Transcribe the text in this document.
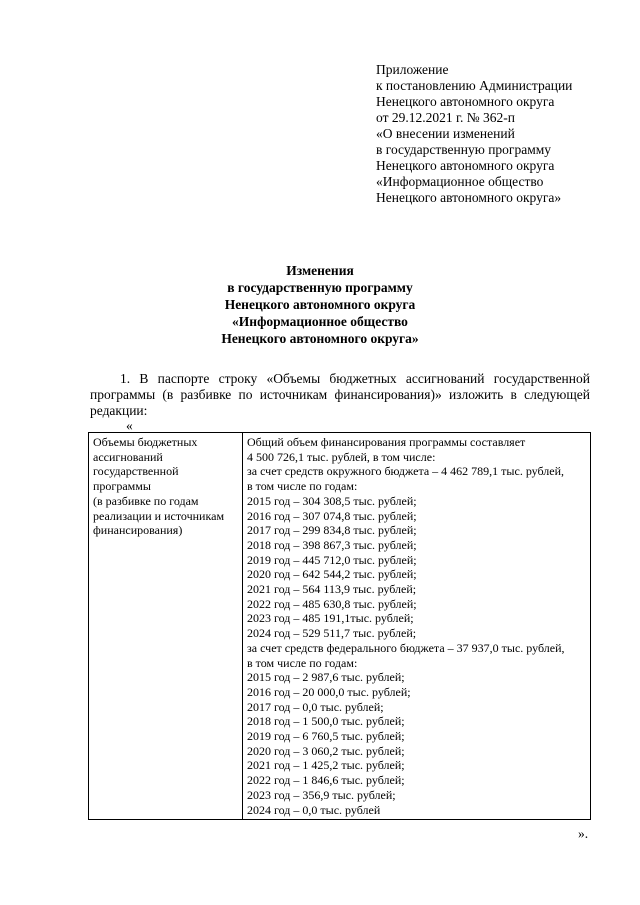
Приложение
к постановлению Администрации
Ненецкого автономного округа
от 29.12.2021 г. № 362-п
«О внесении изменений
в государственную программу
Ненецкого автономного округа
«Информационное общество
Ненецкого автономного округа»
Изменения
в государственную программу
Ненецкого автономного округа
«Информационное общество
Ненецкого автономного округа»
1. В паспорте строку «Объемы бюджетных ассигнований государственной
программы (в разбивке по источникам финансирования)» изложить в следующей
редакции:
«
Объемы бюджетных
ассигнований
государственной
программы
(в разбивке по годам
реализации и источникам
финансирования)

Общий объем финансирования программы составляет
4 500 726,1 тыс. рублей, в том числе:
за счет средств окружного бюджета – 4 462 789,1 тыс. рублей,
в том числе по годам:
2015 год – 304 308,5 тыс. рублей;
2016 год – 307 074,8 тыс. рублей;
2017 год – 299 834,8 тыс. рублей;
2018 год – 398 867,3 тыс. рублей;
2019 год – 445 712,0 тыс. рублей;
2020 год – 642 544,2 тыс. рублей;
2021 год – 564 113,9 тыс. рублей;
2022 год – 485 630,8 тыс. рублей;
2023 год – 485 191,1тыс. рублей;
2024 год – 529 511,7 тыс. рублей;
за счет средств федерального бюджета – 37 937,0 тыс. рублей,
в том числе по годам:
2015 год – 2 987,6 тыс. рублей;
2016 год – 20 000,0 тыс. рублей;
2017 год – 0,0 тыс. рублей;
2018 год – 1 500,0 тыс. рублей;
2019 год – 6 760,5 тыс. рублей;
2020 год – 3 060,2 тыс. рублей;
2021 год – 1 425,2 тыс. рублей;
2022 год – 1 846,6 тыс. рублей;
2023 год – 356,9 тыс. рублей;
2024 год – 0,0 тыс. рублей
».
